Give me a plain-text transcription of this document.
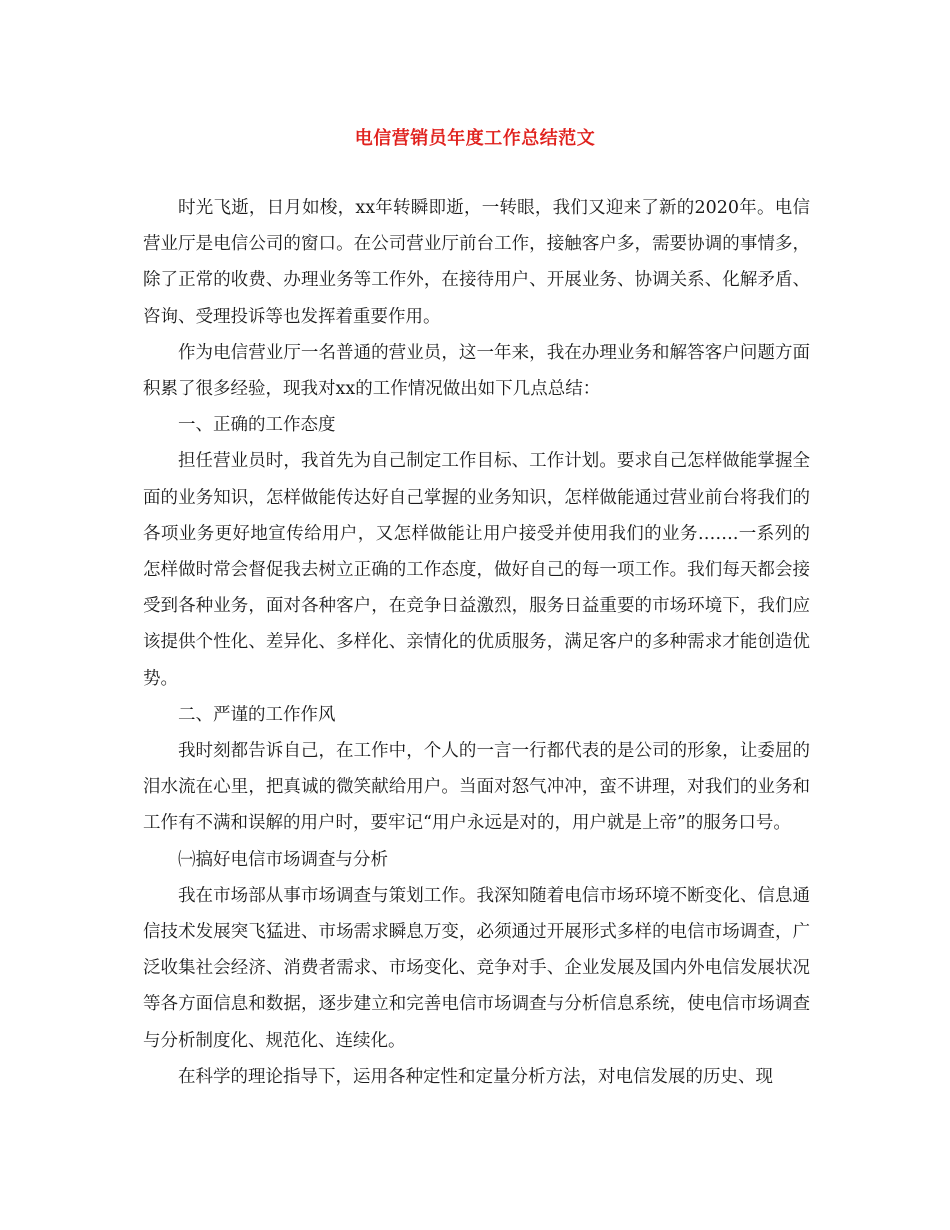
电信营销员年度工作总结范文

时光飞逝，日月如梭，xx年转瞬即逝，一转眼，我们又迎来了新的2020年。电信营业厅是电信公司的窗口。在公司营业厅前台工作，接触客户多，需要协调的事情多，除了正常的收费、办理业务等工作外，在接待用户、开展业务、协调关系、化解矛盾、咨询、受理投诉等也发挥着重要作用。

作为电信营业厅一名普通的营业员，这一年来，我在办理业务和解答客户问题方面积累了很多经验，现我对xx的工作情况做出如下几点总结：

一、正确的工作态度

担任营业员时，我首先为自己制定工作目标、工作计划。要求自己怎样做能掌握全面的业务知识，怎样做能传达好自己掌握的业务知识，怎样做能通过营业前台将我们的各项业务更好地宣传给用户，又怎样做能让用户接受并使用我们的业务…….一系列的怎样做时常会督促我去树立正确的工作态度，做好自己的每一项工作。我们每天都会接受到各种业务，面对各种客户，在竞争日益激烈，服务日益重要的市场环境下，我们应该提供个性化、差异化、多样化、亲情化的优质服务，满足客户的多种需求才能创造优势。

二、严谨的工作作风

我时刻都告诉自己，在工作中，个人的一言一行都代表的是公司的形象，让委屈的泪水流在心里，把真诚的微笑献给用户。当面对怒气冲冲，蛮不讲理，对我们的业务和工作有不满和误解的用户时，要牢记“用户永远是对的，用户就是上帝”的服务口号。

㈠搞好电信市场调查与分析

我在市场部从事市场调查与策划工作。我深知随着电信市场环境不断变化、信息通信技术发展突飞猛进、市场需求瞬息万变，必须通过开展形式多样的电信市场调查，广泛收集社会经济、消费者需求、市场变化、竞争对手、企业发展及国内外电信发展状况等各方面信息和数据，逐步建立和完善电信市场调查与分析信息系统，使电信市场调查与分析制度化、规范化、连续化。

在科学的理论指导下，运用各种定性和定量分析方法，对电信发展的历史、现
